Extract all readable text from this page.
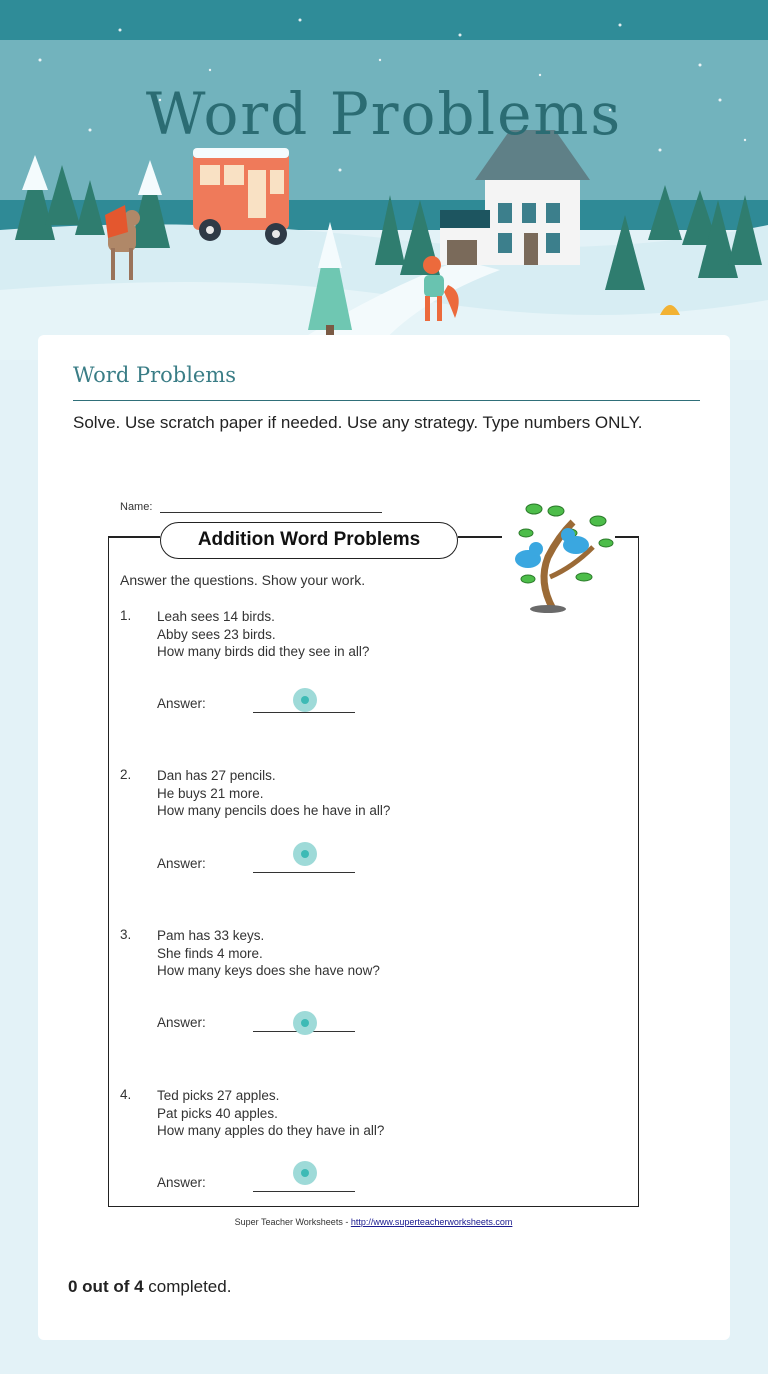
Word Problems
Word Problems
Solve. Use scratch paper if needed. Use any strategy. Type numbers ONLY.
Name:
Addition Word Problems
Answer the questions. Show your work.
1. Leah sees 14 birds.
Abby sees 23 birds.
How many birds did they see in all?
Answer:
2. Dan has 27 pencils.
He buys 21 more.
How many pencils does he have in all?
Answer:
3. Pam has 33 keys.
She finds 4 more.
How many keys does she have now?
Answer:
4. Ted picks 27 apples.
Pat picks 40 apples.
How many apples do they have in all?
Answer:
Super Teacher Worksheets - http://www.superteacherworksheets.com
0 out of 4 completed.
